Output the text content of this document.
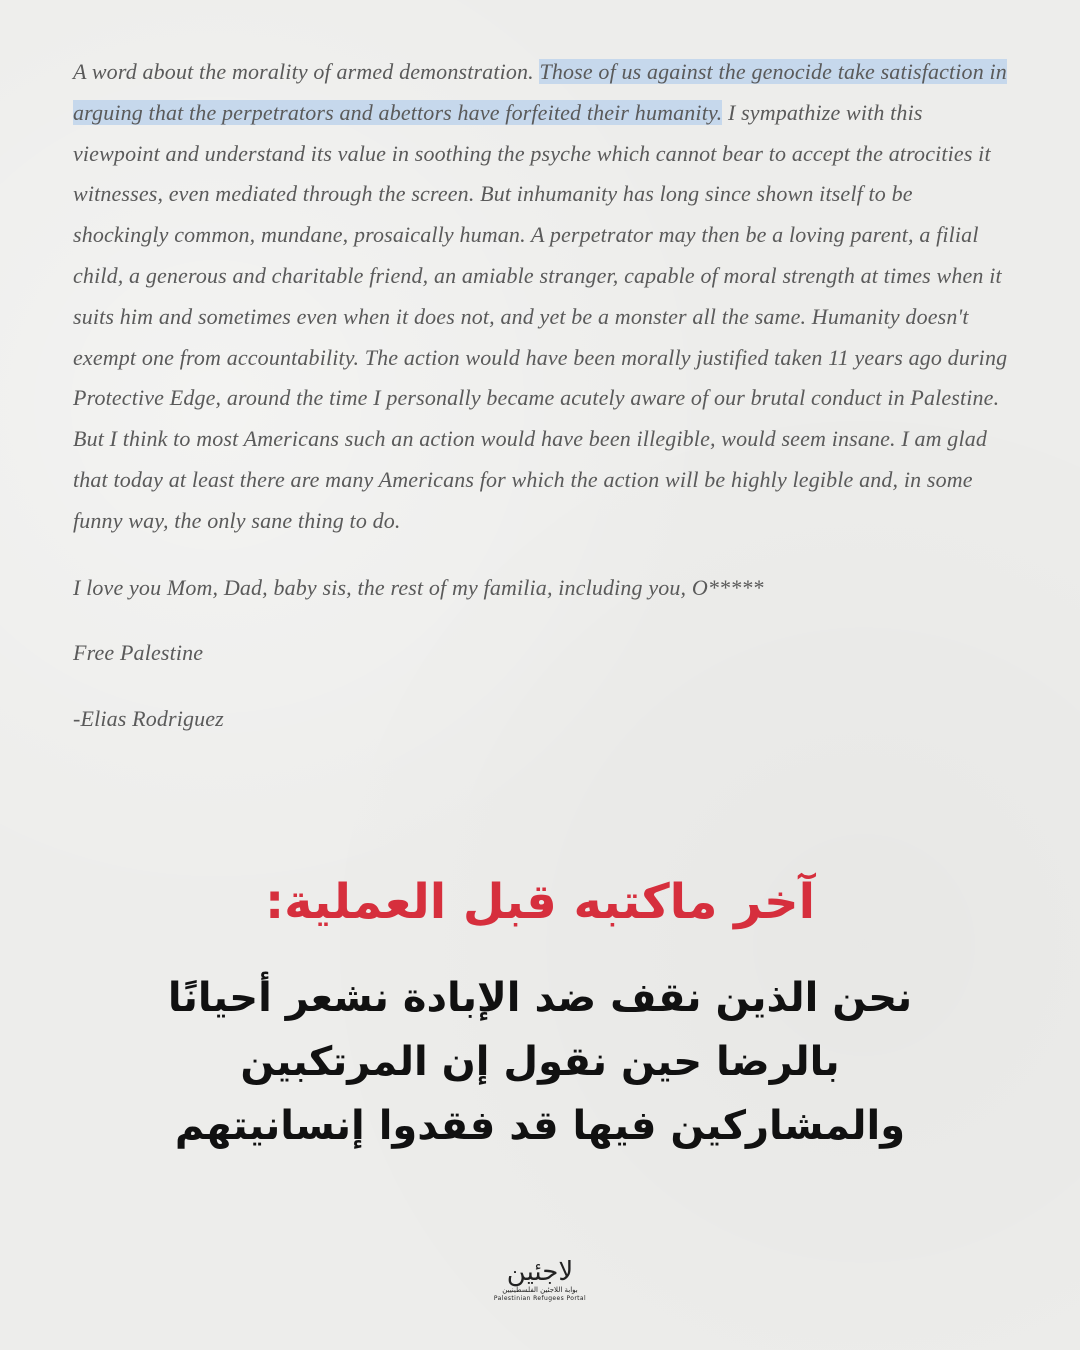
A word about the morality of armed demonstration. Those of us against the genocide take satisfaction in arguing that the perpetrators and abettors have forfeited their humanity. I sympathize with this viewpoint and understand its value in soothing the psyche which cannot bear to accept the atrocities it witnesses, even mediated through the screen. But inhumanity has long since shown itself to be shockingly common, mundane, prosaically human. A perpetrator may then be a loving parent, a filial child, a generous and charitable friend, an amiable stranger, capable of moral strength at times when it suits him and sometimes even when it does not, and yet be a monster all the same. Humanity doesn't exempt one from accountability. The action would have been morally justified taken 11 years ago during Protective Edge, around the time I personally became acutely aware of our brutal conduct in Palestine. But I think to most Americans such an action would have been illegible, would seem insane. I am glad that today at least there are many Americans for which the action will be highly legible and, in some funny way, the only sane thing to do.

I love you Mom, Dad, baby sis, the rest of my familia, including you, O*****

Free Palestine

-Elias Rodriguez

آخر ماكتبه قبل العملية:
نحن الذين نقف ضد الإبادة نشعر أحيانًا بالرضا حين نقول إن المرتكبين والمشاركين فيها قد فقدوا إنسانيتهم
لاجئين
بوابة اللاجئين الفلسطينيين
Palestinian Refugees Portal
